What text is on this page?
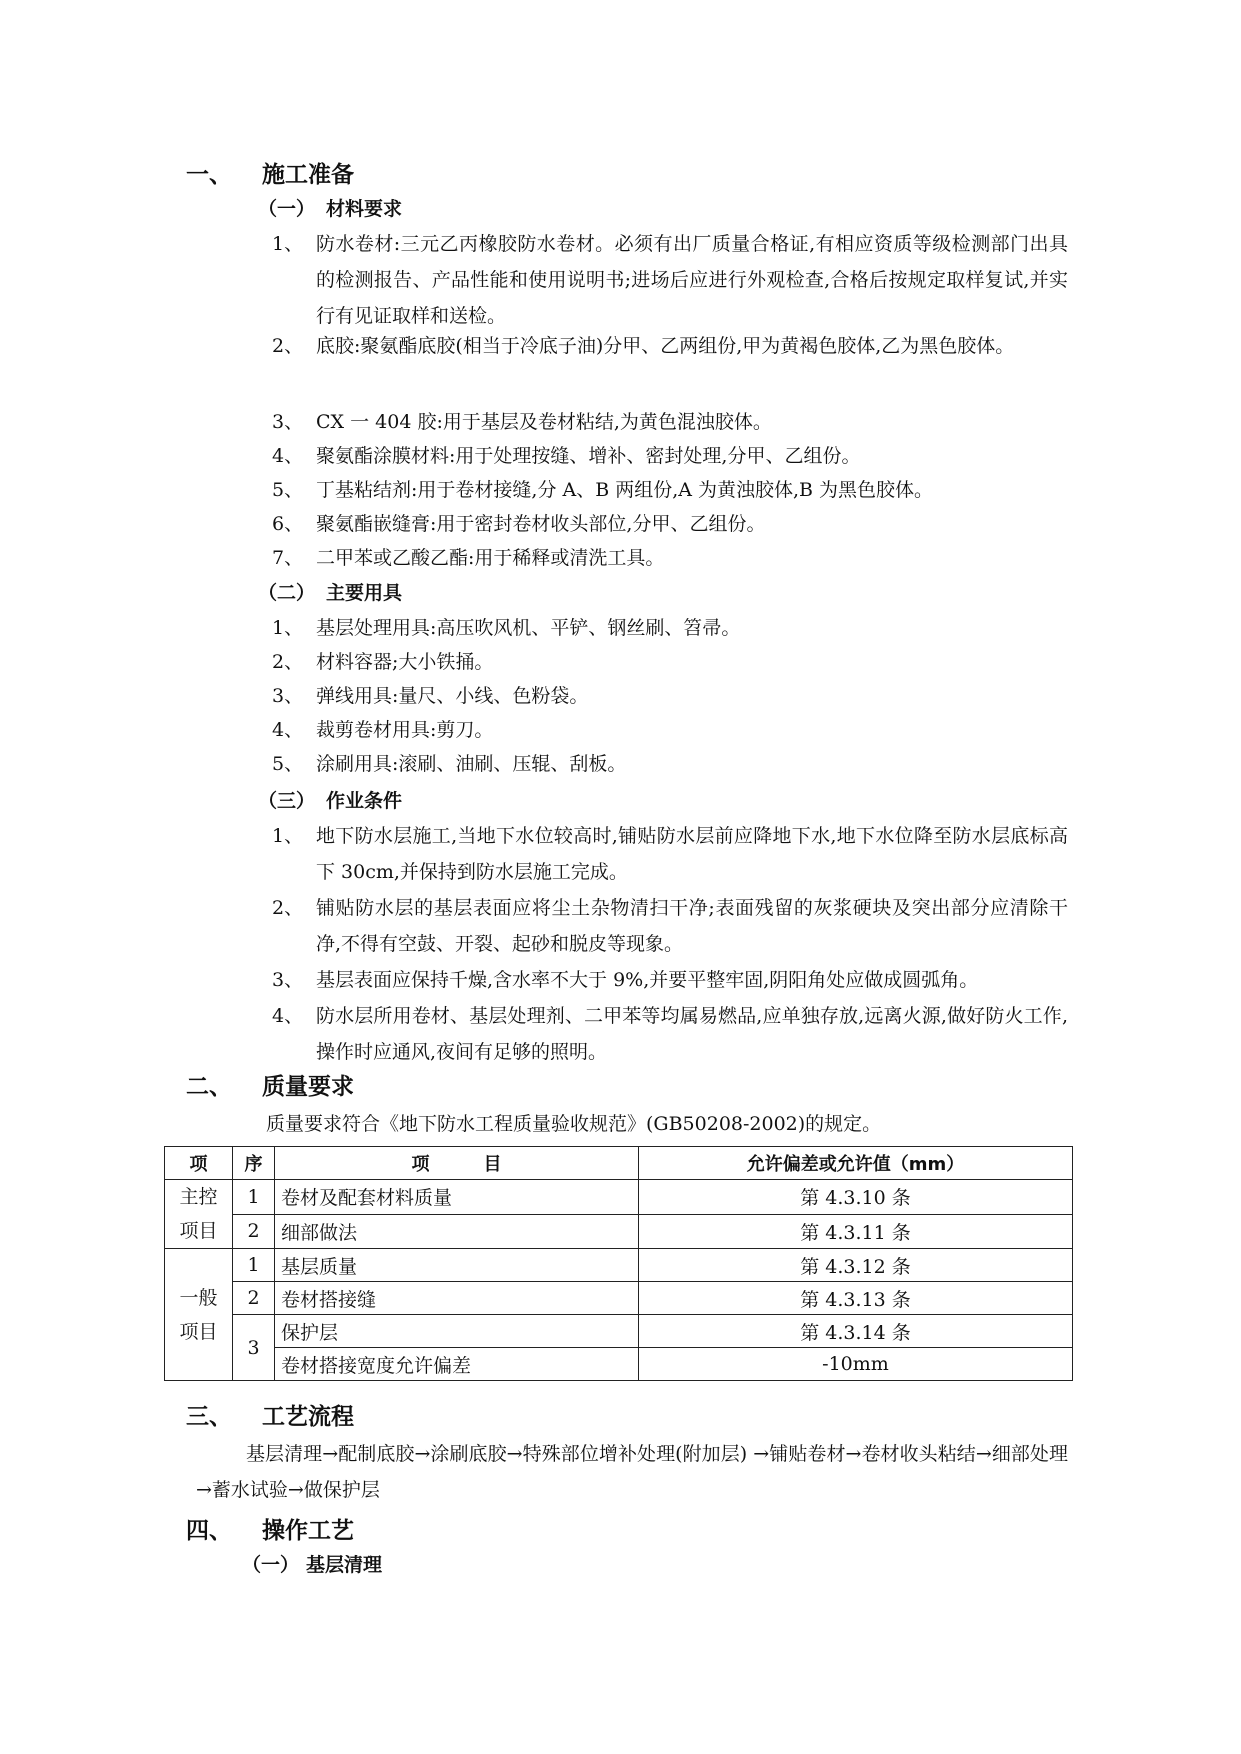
一、 施工准备
（一） 材料要求
1、 防水卷材:三元乙丙橡胶防水卷材。必须有出厂质量合格证,有相应资质等级检测部门出具的检测报告、产品性能和使用说明书;进场后应进行外观检查,合格后按规定取样复试,并实行有见证取样和送检。
2、 底胶:聚氨酯底胶(相当于冷底子油)分甲、乙两组份,甲为黄褐色胶体,乙为黑色胶体。
3、 CX 一 404 胶:用于基层及卷材粘结,为黄色混浊胶体。
4、 聚氨酯涂膜材料:用于处理按缝、增补、密封处理,分甲、乙组份。
5、 丁基粘结剂:用于卷材接缝,分 A、B 两组份,A 为黄浊胶体,B 为黑色胶体。
6、 聚氨酯嵌缝膏:用于密封卷材收头部位,分甲、乙组份。
7、 二甲苯或乙酸乙酯:用于稀释或清洗工具。
（二） 主要用具
1、 基层处理用具:高压吹风机、平铲、钢丝刷、笤帚。
2、 材料容器;大小铁捅。
3、 弹线用具:量尺、小线、色粉袋。
4、 裁剪卷材用具:剪刀。
5、 涂刷用具:滚刷、油刷、压辊、刮板。
（三） 作业条件
1、 地下防水层施工,当地下水位较高时,铺贴防水层前应降地下水,地下水位降至防水层底标高下 30cm,并保持到防水层施工完成。
2、 铺贴防水层的基层表面应将尘土杂物清扫干净;表面残留的灰浆硬块及突出部分应清除干净,不得有空鼓、开裂、起砂和脱皮等现象。
3、 基层表面应保持千燥,含水率不大于 9%,并要平整牢固,阴阳角处应做成圆弧角。
4、 防水层所用卷材、基层处理剂、二甲苯等均属易燃品,应单独存放,远离火源,做好防火工作,操作时应通风,夜间有足够的照明。
二、 质量要求
质量要求符合《地下防水工程质量验收规范》(GB50208-2002)的规定。
项	序	项　　　目	允许偏差或允许值（mm）
主控项目	1	卷材及配套材料质量	第 4.3.10 条
	2	细部做法	第 4.3.11 条
一般项目	1	基层质量	第 4.3.12 条
	2	卷材搭接缝	第 4.3.13 条
	3	保护层	第 4.3.14 条
		卷材搭接宽度允许偏差	-10mm
三、 工艺流程
基层清理→配制底胶→涂刷底胶→特殊部位增补处理(附加层) →铺贴卷材→卷材收头粘结→细部处理→蓄水试验→做保护层
四、 操作工艺
（一） 基层清理
